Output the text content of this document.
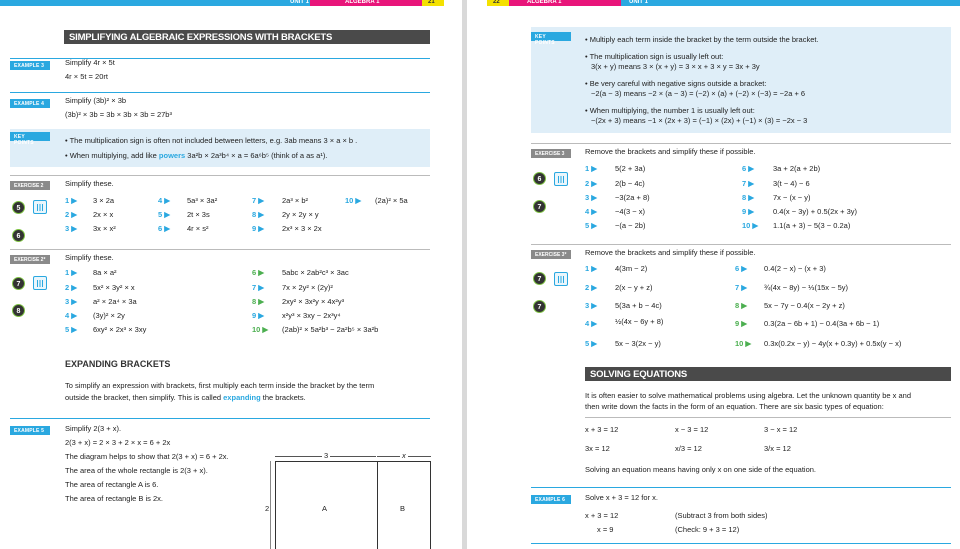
UNIT 1	ALGEBRA 1	21
SIMPLIFYING ALGEBRAIC EXPRESSIONS WITH BRACKETS
EXAMPLE 3	Simplify 4r × 5t
4r × 5t = 20rt
EXAMPLE 4	Simplify (3b)² × 3b
(3b)² × 3b = 3b × 3b × 3b = 27b³
KEY POINTS	• The multiplication sign is often not included between letters, e.g. 3ab means 3 × a × b .
• When multiplying, add like powers 3a²b × 2a³b⁴ × a = 6a⁶b⁵ (think of a as a¹).
EXERCISE 2	Simplify these.
5
6
1 ▶ 3 × 2a	4 ▶ 5a³ × 3a²	7 ▶ 2a³ × b²	10 ▶ (2a)² × 5a
2 ▶ 2x × x	5 ▶ 2t × 3s	8 ▶ 2y × 2y × y
3 ▶ 3x × x²	6 ▶ 4r × s²	9 ▶ 2x³ × 3 × 2x
EXERCISE 2*	Simplify these.
7
8
1 ▶ 8a × a²	6 ▶ 5abc × 2ab²c³ × 3ac
2 ▶ 5x² × 3y² × x	7 ▶ 7x × 2y² × (2y)²
3 ▶ a² × 2a⁴ × 3a	8 ▶ 2xy² × 3x²y × 4x²y³
4 ▶ (3y)² × 2y	9 ▶ x²y³ × 3xy − 2x³y⁴
5 ▶ 6xy² × 2x³ × 3xy	10 ▶ (2ab)² × 5a²b³ − 2a²b⁵ × 3a²b
EXPANDING BRACKETS
To simplify an expression with brackets, first multiply each term inside the bracket by the term
outside the bracket, then simplify. This is called expanding the brackets.
EXAMPLE 5	Simplify 2(3 + x).
2(3 + x) = 2 × 3 + 2 × x = 6 + 2x
The diagram helps to show that 2(3 + x) = 6 + 2x.
The area of the whole rectangle is 2(3 + x).
The area of rectangle A is 6.
The area of rectangle B is 2x.
A	B
3	x
2
22	ALGEBRA 1	UNIT 1
KEY POINTS	• Multiply each term inside the bracket by the term outside the bracket.
• The multiplication sign is usually left out:
3(x + y) means 3 × (x + y) = 3 × x + 3 × y = 3x + 3y
• Be very careful with negative signs outside a bracket:
−2(a − 3) means −2 × (a − 3) = (−2) × (a) + (−2) × (−3) = −2a + 6
• When multiplying, the number 1 is usually left out:
−(2x + 3) means −1 × (2x + 3) = (−1) × (2x) + (−1) × (3) = −2x − 3
EXERCISE 3	Remove the brackets and simplify these if possible.
6
7
1 ▶ 5(2 + 3a)	6 ▶	3a + 2(a + 2b)
2 ▶ 2(b − 4c)	7 ▶	3(t − 4) − 6
3 ▶ −3(2a + 8)	8 ▶	7x − (x − y)
4 ▶ −4(3 − x)	9 ▶	0.4(x − 3y) + 0.5(2x + 3y)
5 ▶ −(a − 2b)	10 ▶ 1.1(a + 3) − 5(3 − 0.2a)
EXERCISE 3*	Remove the brackets and simplify these if possible.
7
7
1 ▶ 4(3m − 2)	6 ▶ 0.4(2 − x) − (x + 3)
2 ▶ 2(x − y + z)	7 ▶ ¾(4x − 8y) − ⅓(15x − 5y)
3 ▶ 5(3a + b − 4c)	8 ▶ 5x − 7y − 0.4(x − 2y + z)
4 ▶ ½(4x − 6y + 8)	9 ▶ 0.3(2a − 6b + 1) − 0.4(3a + 6b − 1)
5 ▶ 5x − 3(2x − y)	10 ▶ 0.3x(0.2x − y) − 4y(x + 0.3y) + 0.5x(y − x)
SOLVING EQUATIONS
It is often easier to solve mathematical problems using algebra. Let the unknown quantity be x and
then write down the facts in the form of an equation. There are six basic types of equation:
x + 3 = 12	x − 3 = 12	3 − x = 12
3x = 12	x/3 = 12	3/x = 12
Solving an equation means having only x on one side of the equation.
EXAMPLE 6	Solve x + 3 = 12 for x.
x + 3 = 12	(Subtract 3 from both sides)
x = 9	(Check: 9 + 3 = 12)
